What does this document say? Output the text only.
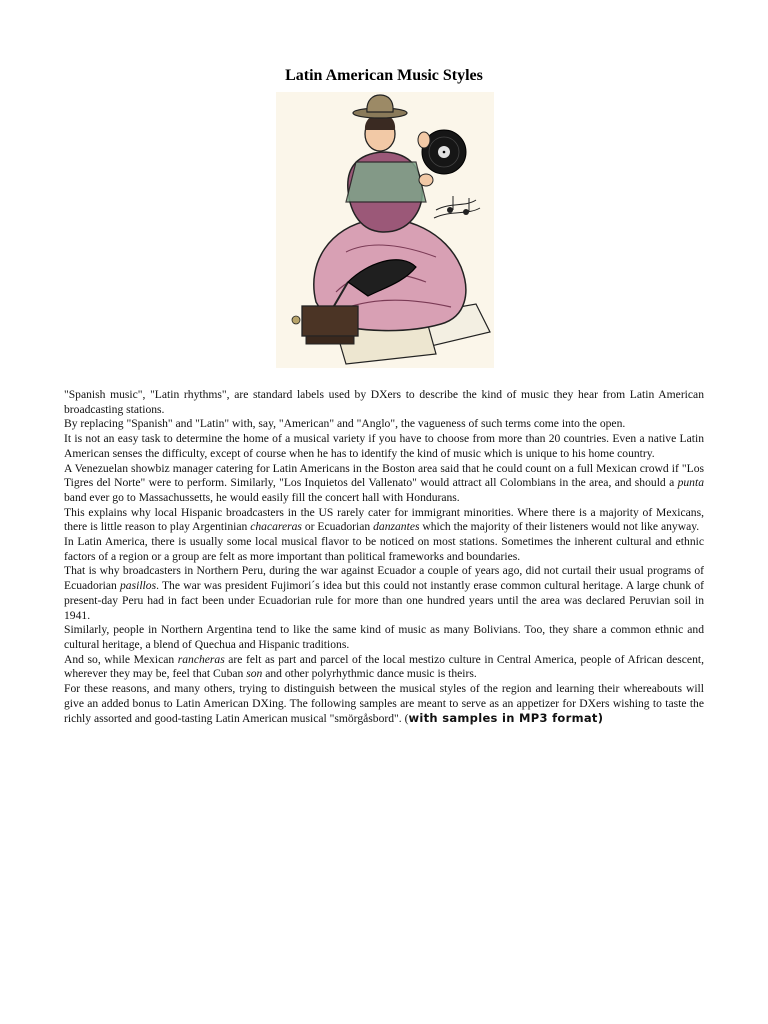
Latin American Music Styles

"Spanish music", "Latin rhythms", are standard labels used by DXers to describe the kind of music they hear from Latin American broadcasting stations.

By replacing "Spanish" and "Latin" with, say, "American" and "Anglo", the vagueness of such terms come into the open.

It is not an easy task to determine the home of a musical variety if you have to choose from more than 20 countries. Even a native Latin American senses the difficulty, except of course when he has to identify the kind of music which is unique to his home country.

A Venezuelan showbiz manager catering for Latin Americans in the Boston area said that he could count on a full Mexican crowd if "Los Tigres del Norte" were to perform. Similarly, "Los Inquietos del Vallenato" would attract all Colombians in the area, and should a punta band ever go to Massachussetts, he would easily fill the concert hall with Hondurans.

This explains why local Hispanic broadcasters in the US rarely cater for immigrant minorities. Where there is a majority of Mexicans, there is little reason to play Argentinian chacareras or Ecuadorian danzantes which the majority of their listeners would not like anyway.

In Latin America, there is usually some local musical flavor to be noticed on most stations. Sometimes the inherent cultural and ethnic factors of a region or a group are felt as more important than political frameworks and boundaries.

That is why broadcasters in Northern Peru, during the war against Ecuador a couple of years ago, did not curtail their usual programs of Ecuadorian pasillos. The war was president Fujimori´s idea but this could not instantly erase common cultural heritage. A large chunk of present-day Peru had in fact been under Ecuadorian rule for more than one hundred years until the area was declared Peruvian soil in 1941.

Similarly, people in Northern Argentina tend to like the same kind of music as many Bolivians. Too, they share a common ethnic and cultural heritage, a blend of Quechua and Hispanic traditions.

And so, while Mexican rancheras are felt as part and parcel of the local mestizo culture in Central America, people of African descent, wherever they may be, feel that Cuban son and other polyrhythmic dance music is theirs.

For these reasons, and many others, trying to distinguish between the musical styles of the region and learning their whereabouts will give an added bonus to Latin American DXing. The following samples are meant to serve as an appetizer for DXers wishing to taste the richly assorted and good-tasting Latin American musical "smörgåsbord". (with samples in MP3 format)
